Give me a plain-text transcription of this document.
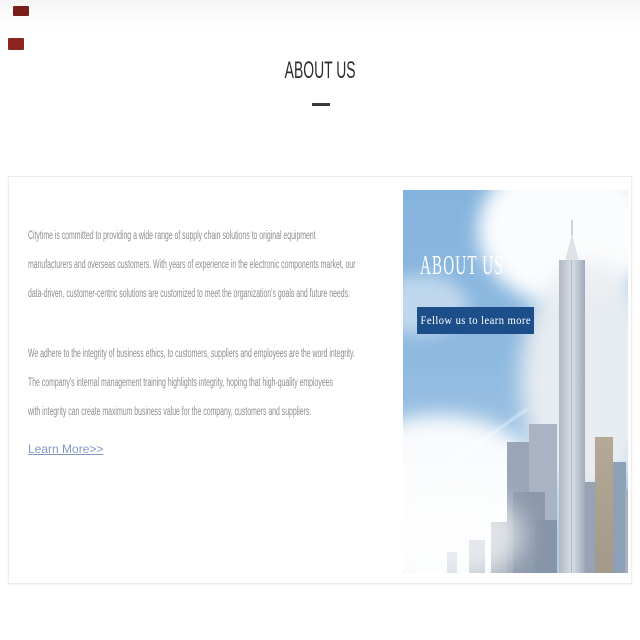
ABOUT US
Citytime is committed to providing a wide range of supply chain solutions to original equipment
manufacturers and overseas customers. With years of experience in the electronic components market, our
data-driven, customer-centric solutions are customized to meet the organization's goals and future needs.
We adhere to the integrity of business ethics, to customers, suppliers and employees are the word integrity.
The company's internal management training highlights integrity, hoping that high-quality employees
with integrity can create maximum business value for the company, customers and suppliers.
Learn More>>
ABOUT US
Fellow us to learn more
